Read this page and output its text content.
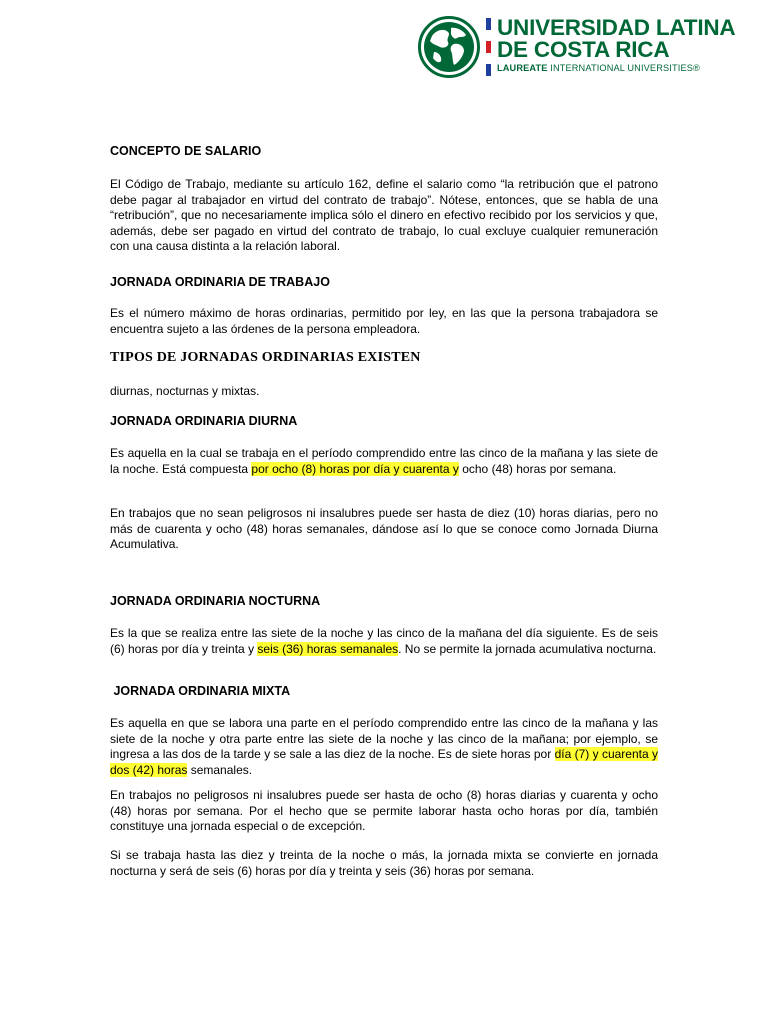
UNIVERSIDAD LATINA
DE COSTA RICA
LAUREATE INTERNATIONAL UNIVERSITIES®
CONCEPTO DE SALARIO

El Código de Trabajo, mediante su artículo 162, define el salario como “la retribución que el patrono debe pagar al trabajador en virtud del contrato de trabajo”. Nótese, entonces, que se habla de una “retribución”, que no necesariamente implica sólo el dinero en efectivo recibido por los servicios y que, además, debe ser pagado en virtud del contrato de trabajo, lo cual excluye cualquier remuneración con una causa distinta a la relación laboral.

JORNADA ORDINARIA DE TRABAJO

Es el número máximo de horas ordinarias, permitido por ley, en las que la persona trabajadora se encuentra sujeto a las órdenes de la persona empleadora.

TIPOS DE JORNADAS ORDINARIAS EXISTEN

diurnas, nocturnas y mixtas.

JORNADA ORDINARIA DIURNA

Es aquella en la cual se trabaja en el período comprendido entre las cinco de la mañana y las siete de la noche. Está compuesta por ocho (8) horas por día y cuarenta y ocho (48) horas por semana.

En trabajos que no sean peligrosos ni insalubres puede ser hasta de diez (10) horas diarias, pero no más de cuarenta y ocho (48) horas semanales, dándose así lo que se conoce como Jornada Diurna Acumulativa.

JORNADA ORDINARIA NOCTURNA

Es la que se realiza entre las siete de la noche y las cinco de la mañana del día siguiente. Es de seis (6) horas por día y treinta y seis (36) horas semanales. No se permite la jornada acumulativa nocturna.

JORNADA ORDINARIA MIXTA

Es aquella en que se labora una parte en el período comprendido entre las cinco de la mañana y las siete de la noche y otra parte entre las siete de la noche y las cinco de la mañana; por ejemplo, se ingresa a las dos de la tarde y se sale a las diez de la noche. Es de siete horas por día (7) y cuarenta y dos (42) horas semanales.

En trabajos no peligrosos ni insalubres puede ser hasta de ocho (8) horas diarias y cuarenta y ocho (48) horas por semana. Por el hecho que se permite laborar hasta ocho horas por día, también constituye una jornada especial o de excepción.

Si se trabaja hasta las diez y treinta de la noche o más, la jornada mixta se convierte en jornada nocturna y será de seis (6) horas por día y treinta y seis (36) horas por semana.
